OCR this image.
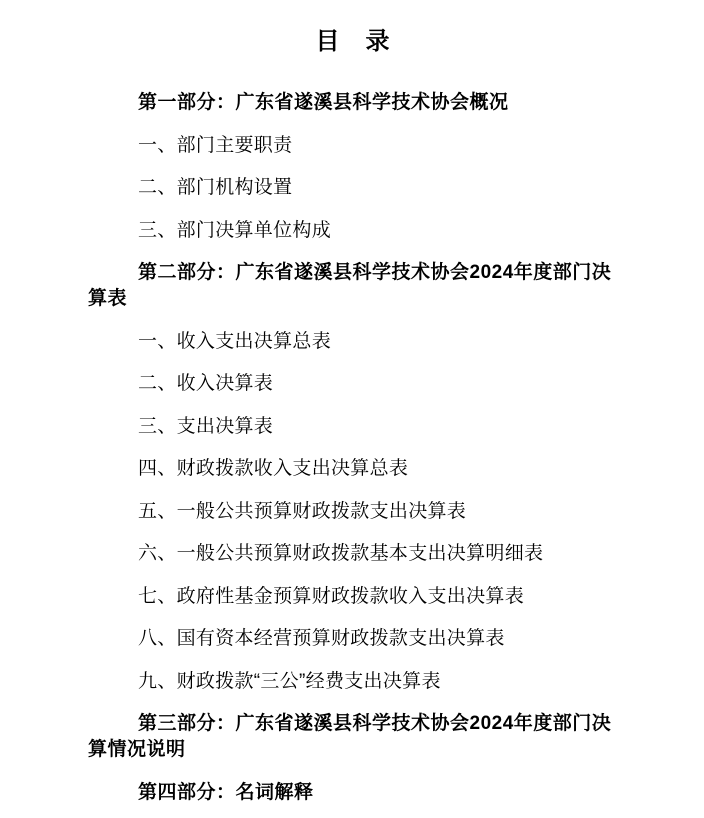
目　录

第一部分：广东省遂溪县科学技术协会概况

一、部门主要职责

二、部门机构设置

三、部门决算单位构成

第二部分：广东省遂溪县科学技术协会2024年度部门决算表

一、收入支出决算总表

二、收入决算表

三、支出决算表

四、财政拨款收入支出决算总表

五、一般公共预算财政拨款支出决算表

六、一般公共预算财政拨款基本支出决算明细表

七、政府性基金预算财政拨款收入支出决算表

八、国有资本经营预算财政拨款支出决算表

九、财政拨款“三公”经费支出决算表

第三部分：广东省遂溪县科学技术协会2024年度部门决算情况说明

第四部分：名词解释
